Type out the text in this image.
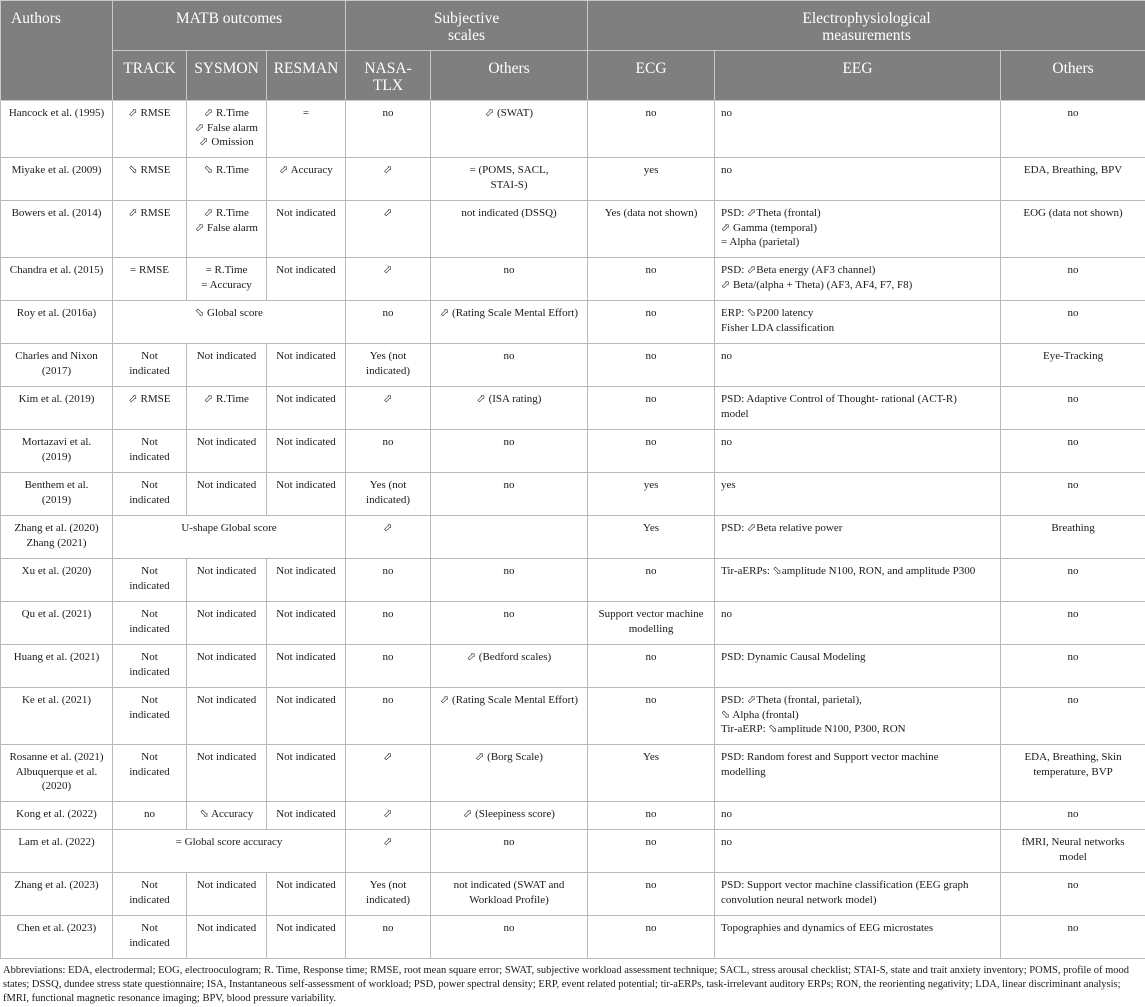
Authors	MATB outcomes			Subjective
scales		Electrophysiological
measurements		
	TRACK	SYSMON	RESMAN	NASA-
TLX	Others	ECG	EEG	Others
Hancock et al. (1995)	⬀ RMSE	⬀ R.Time
⬀ False alarm
⬀ Omission	=	no	⬀ (SWAT)	no	no	no
Miyake et al. (2009)	⬂ RMSE	⬂ R.Time	⬀ Accuracy	⬀	= (POMS, SACL,
STAI-S)	yes	no	EDA, Breathing, BPV
Bowers et al. (2014)	⬀ RMSE	⬀ R.Time
⬀ False alarm	Not indicated	⬀	not indicated (DSSQ)	Yes (data not shown)	PSD: ⬀Theta (frontal)
⬀ Gamma (temporal)
= Alpha (parietal)	EOG (data not shown)
Chandra et al. (2015)	= RMSE	= R.Time
= Accuracy	Not indicated	⬀	no	no	PSD: ⬀Beta energy (AF3 channel)
⬀ Beta/(alpha + Theta) (AF3, AF4, F7, F8)	no
Roy et al. (2016a)	⬂ Global score			no	⬀ (Rating Scale Mental Effort)	no	ERP: ⬂P200 latency
Fisher LDA classification	no
Charles and Nixon
(2017)	Not
indicated	Not indicated	Not indicated	Yes (not
indicated)	no	no	no	Eye-Tracking
Kim et al. (2019)	⬀ RMSE	⬀ R.Time	Not indicated	⬀	⬀ (ISA rating)	no	PSD: Adaptive Control of Thought- rational (ACT-R)
model	no
Mortazavi et al.
(2019)	Not
indicated	Not indicated	Not indicated	no	no	no	no	no
Benthem et al.
(2019)	Not
indicated	Not indicated	Not indicated	Yes (not
indicated)	no	yes	yes	no
Zhang et al. (2020)
Zhang (2021)	U-shape Global score			⬀		Yes	PSD: ⬀Beta relative power	Breathing
Xu et al. (2020)	Not
indicated	Not indicated	Not indicated	no	no	no	Tir-aERPs: ⬂amplitude N100, RON, and amplitude P300	no
Qu et al. (2021)	Not
indicated	Not indicated	Not indicated	no	no	Support vector machine
modelling	no	no
Huang et al. (2021)	Not
indicated	Not indicated	Not indicated	no	⬀ (Bedford scales)	no	PSD: Dynamic Causal Modeling	no
Ke et al. (2021)	Not
indicated	Not indicated	Not indicated	no	⬀ (Rating Scale Mental Effort)	no	PSD: ⬀Theta (frontal, parietal),
⬂ Alpha (frontal)
Tir-aERP: ⬂amplitude N100, P300, RON	no
Rosanne et al. (2021)
Albuquerque et al.
(2020)	Not
indicated	Not indicated	Not indicated	⬀	⬀ (Borg Scale)	Yes	PSD: Random forest and Support vector machine
modelling	EDA, Breathing, Skin
temperature, BVP
Kong et al. (2022)	no	⬂ Accuracy	Not indicated	⬀	⬀ (Sleepiness score)	no	no	no
Lam et al. (2022)	= Global score accuracy			⬀	no	no	no	fMRI, Neural networks
model
Zhang et al. (2023)	Not
indicated	Not indicated	Not indicated	Yes (not
indicated)	not indicated (SWAT and
Workload Profile)	no	PSD: Support vector machine classification (EEG graph
convolution neural network model)	no
Chen et al. (2023)	Not
indicated	Not indicated	Not indicated	no	no	no	Topographies and dynamics of EEG microstates	no
Abbreviations: EDA, electrodermal; EOG, electrooculogram; R. Time, Response time; RMSE, root mean square error; SWAT, subjective workload assessment technique; SACL, stress arousal checklist; STAI-S, state and trait anxiety inventory; POMS, profile of mood states; DSSQ, dundee stress state questionnaire; ISA, Instantaneous self-assessment of workload; PSD, power spectral density; ERP, event related potential; tir-aERPs, task-irrelevant auditory ERPs; RON, the reorienting negativity; LDA, linear discriminant analysis; fMRI, functional magnetic resonance imaging; BPV, blood pressure variability.
